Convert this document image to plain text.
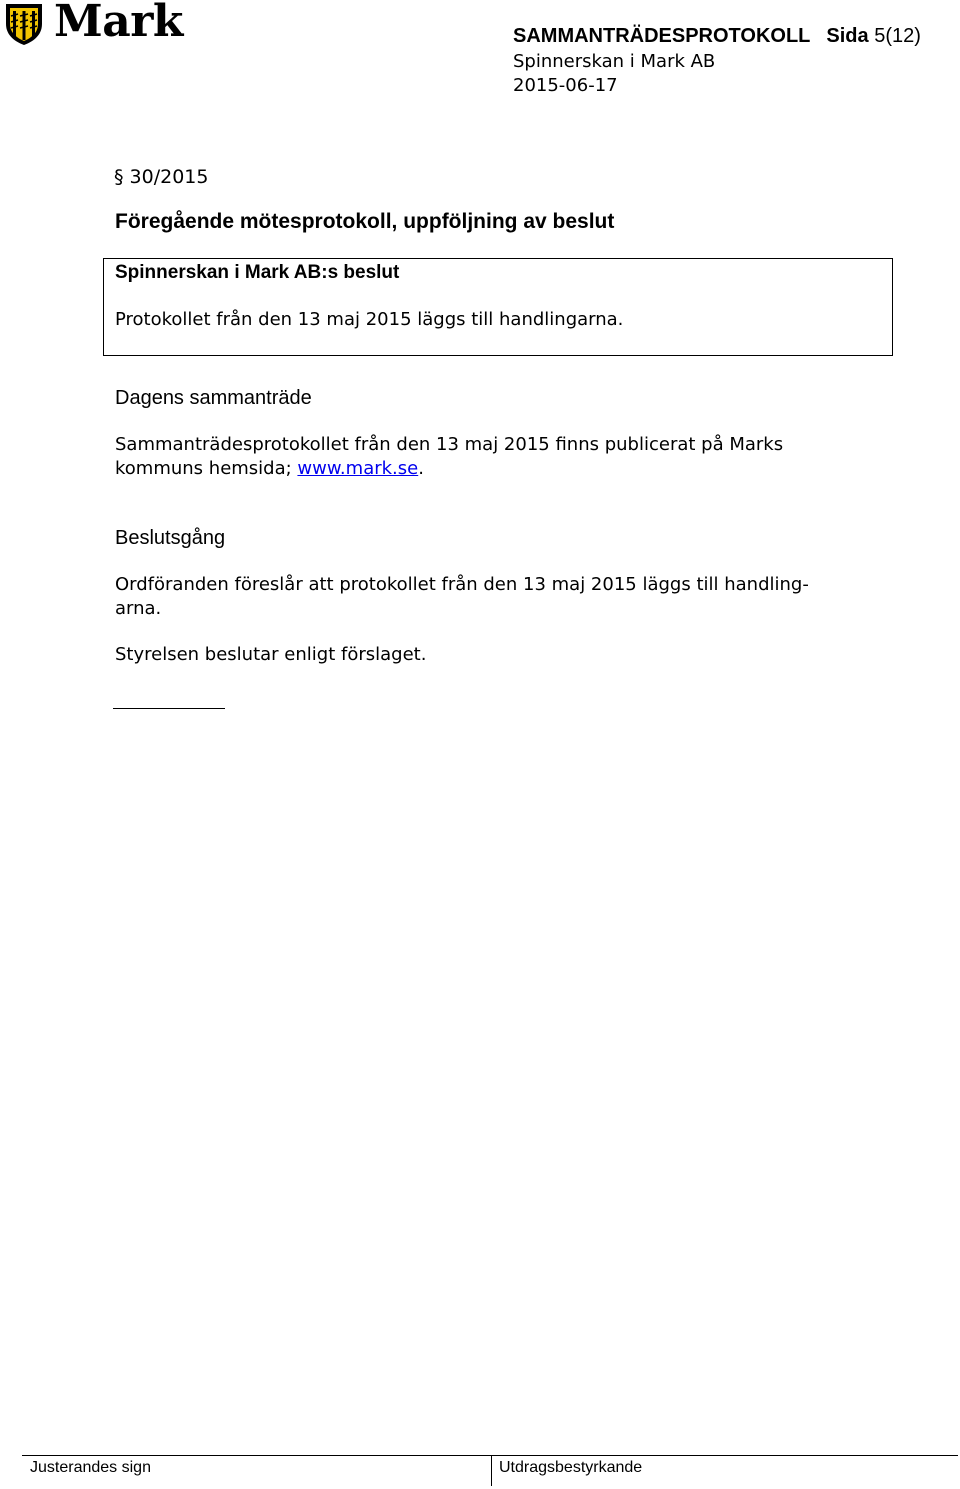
Mark	SAMMANTRÄDESPROTOKOLL Sida 5(12)
Spinnerskan i Mark AB
2015-06-17
§ 30/2015
Föregående mötesprotokoll, uppföljning av beslut
Spinnerskan i Mark AB:s beslut
Protokollet från den 13 maj 2015 läggs till handlingarna.
Dagens sammanträde
Sammanträdesprotokollet från den 13 maj 2015 finns publicerat på Marks
kommuns hemsida; www.mark.se.
Beslutsgång
Ordföranden föreslår att protokollet från den 13 maj 2015 läggs till handling-
arna.
Styrelsen beslutar enligt förslaget.
Justerandes sign	Utdragsbestyrkande
